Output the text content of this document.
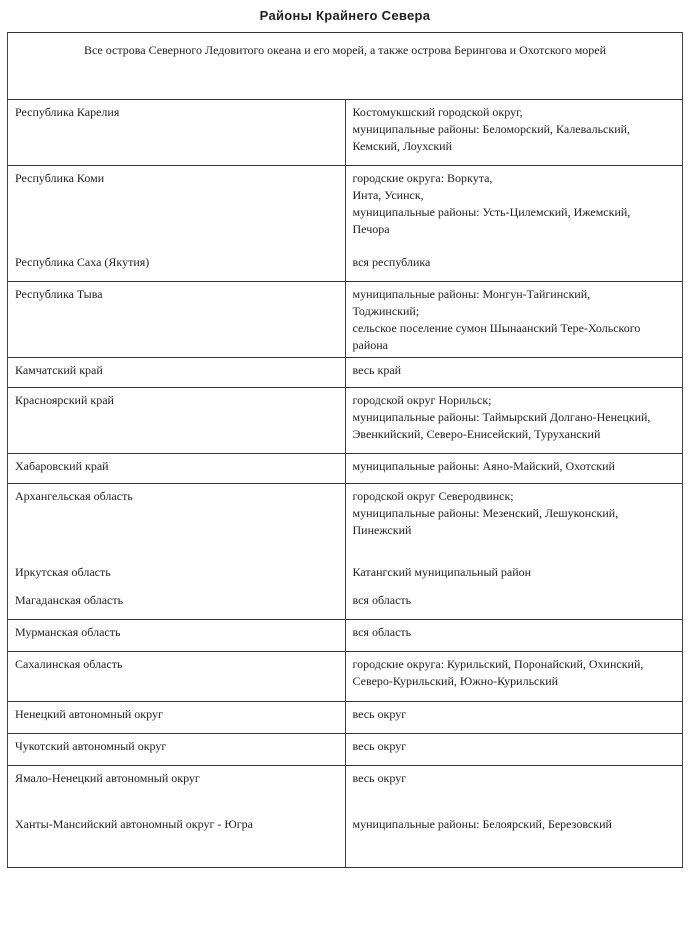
Районы Крайнего Севера
Все острова Северного Ледовитого океана и его морей, а также острова Берингова и Охотского морей	
Республика Карелия	Костомукшский городской округ,
муниципальные районы: Беломорский, Калевальский,
Кемский, Лоухский

Республика Коми	городские округа: Воркута,
Инта, Усинск,
муниципальные районы: Усть-Цилемский, Ижемский,
Печора

Республика Саха (Якутия)	вся республика

Республика Тыва	муниципальные районы: Монгун-Тайгинский,
Тоджинский;
сельское поселение сумон Шынаанский Тере-Хольского
района

Камчатский край	весь край

Красноярский край	городской округ Норильск;
муниципальные районы: Таймырский Долгано-Ненецкий,
Эвенкийский, Северо-Енисейский, Туруханский

Хабаровский край	муниципальные районы: Аяно-Майский, Охотский

Архангельская область	городской округ Северодвинск;
муниципальные районы: Мезенский, Лешуконский,
Пинежский

Иркутская область	Катангский муниципальный район

Магаданская область	вся область

Мурманская область	вся область

Сахалинская область	городские округа: Курильский, Поронайский, Охинский,
Северо-Курильский, Южно-Курильский

Ненецкий автономный округ	весь округ

Чукотский автономный округ	весь округ

Ямало-Ненецкий автономный округ	весь округ

Ханты-Мансийский автономный округ - Югра	муниципальные районы: Белоярский, Березовский
